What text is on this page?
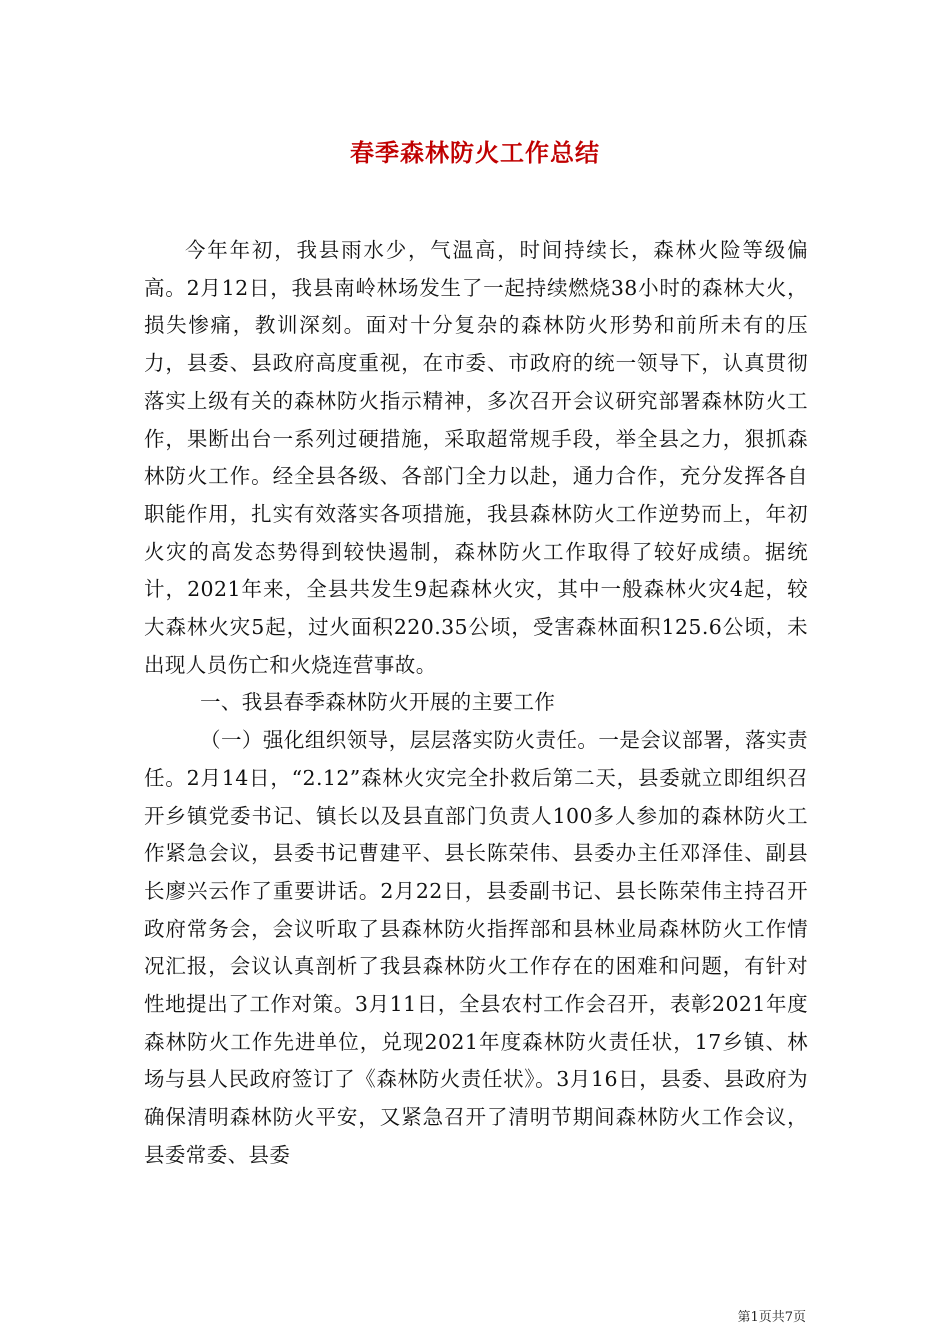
春季森林防火工作总结

今年年初，我县雨水少，气温高，时间持续长，森林火险等级偏高。2月12日，我县南岭林场发生了一起持续燃烧38小时的森林大火，损失惨痛，教训深刻。面对十分复杂的森林防火形势和前所未有的压力，县委、县政府高度重视，在市委、市政府的统一领导下，认真贯彻落实上级有关的森林防火指示精神，多次召开会议研究部署森林防火工作，果断出台一系列过硬措施，采取超常规手段，举全县之力，狠抓森林防火工作。经全县各级、各部门全力以赴，通力合作，充分发挥各自职能作用，扎实有效落实各项措施，我县森林防火工作逆势而上，年初火灾的高发态势得到较快遏制，森林防火工作取得了较好成绩。据统计，2021年来，全县共发生9起森林火灾，其中一般森林火灾4起，较大森林火灾5起，过火面积220.35公顷，受害森林面积125.6公顷，未出现人员伤亡和火烧连营事故。

一、我县春季森林防火开展的主要工作

（一）强化组织领导，层层落实防火责任。一是会议部署，落实责任。2月14日，“2.12”森林火灾完全扑救后第二天，县委就立即组织召开乡镇党委书记、镇长以及县直部门负责人100多人参加的森林防火工作紧急会议，县委书记曹建平、县长陈荣伟、县委办主任邓泽佳、副县长廖兴云作了重要讲话。2月22日，县委副书记、县长陈荣伟主持召开政府常务会，会议听取了县森林防火指挥部和县林业局森林防火工作情况汇报，会议认真剖析了我县森林防火工作存在的困难和问题，有针对性地提出了工作对策。3月11日，全县农村工作会召开，表彰2021年度森林防火工作先进单位，兑现2021年度森林防火责任状，17乡镇、林场与县人民政府签订了《森林防火责任状》。3月16日，县委、县政府为确保清明森林防火平安，又紧急召开了清明节期间森林防火工作会议，县委常委、县委

第1页共7页
